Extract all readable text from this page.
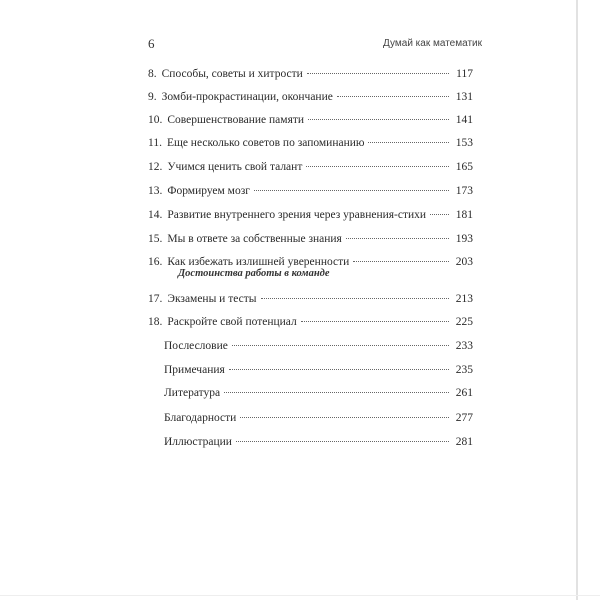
6	Думай как математик
8. Способы, советы и хитрости	117
9. Зомби-прокрастинации, окончание	131
10. Совершенствование памяти	141
11. Еще несколько советов по запоминанию	153
12. Учимся ценить свой талант	165
13. Формируем мозг	173
14. Развитие внутреннего зрения через уравнения-стихи	181
15. Мы в ответе за собственные знания	193
16. Как избежать излишней уверенности	203
Достоинства работы в команде
17. Экзамены и тесты	213
18. Раскройте свой потенциал	225
Послесловие	233
Примечания	235
Литература	261
Благодарности	277
Иллюстрации	281
